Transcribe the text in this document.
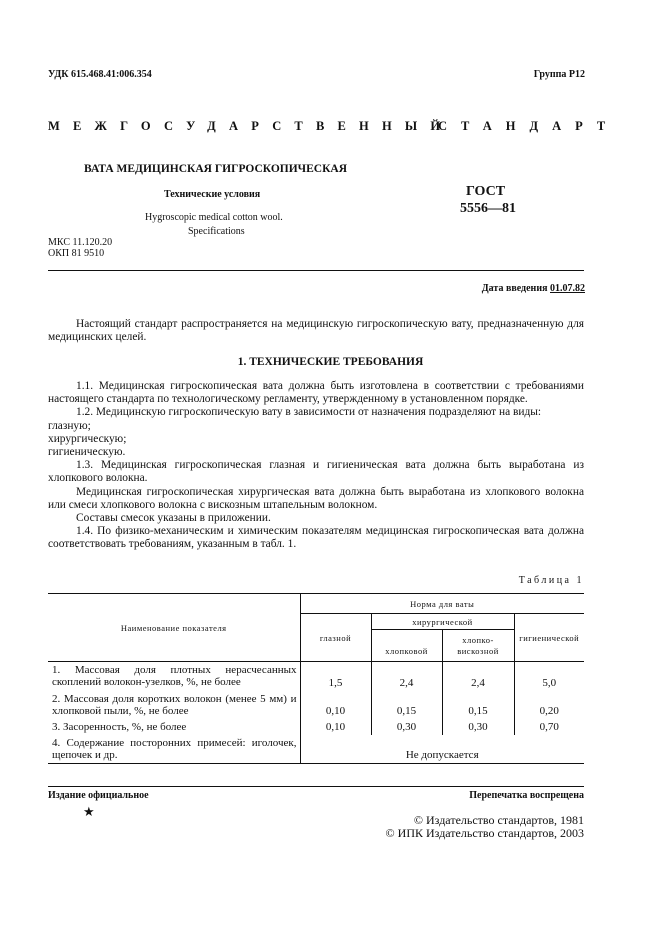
УДК 615.468.41:006.354	Группа Р12
МЕЖГОСУДАРСТВЕННЫЙ
СТАНДАРТ
ВАТА МЕДИЦИНСКАЯ ГИГРОСКОПИЧЕСКАЯ
Технические условия
Hygroscopic medical cotton wool.
Specifications
ГОСТ
5556—81
МКС 11.120.20
ОКП 81 9510
Дата введения 01.07.82

Настоящий стандарт распространяется на медицинскую гигроскопическую вату, предназначенную для медицинских целей.

1. ТЕХНИЧЕСКИЕ ТРЕБОВАНИЯ

1.1. Медицинская гигроскопическая вата должна быть изготовлена в соответствии с требованиями настоящего стандарта по технологическому регламенту, утвержденному в установленном порядке.

1.2. Медицинскую гигроскопическую вату в зависимости от назначения подразделяют на виды:

глазную;

хирургическую;

гигиеническую.

1.3. Медицинская гигроскопическая глазная и гигиеническая вата должна быть выработана из хлопкового волокна.

Медицинская гигроскопическая хирургическая вата должна быть выработана из хлопкового волокна или смеси хлопкового волокна с вискозным штапельным волокном.

Составы смесок указаны в приложении.

1.4. По физико-механическим и химическим показателям медицинская гигроскопическая вата должна соответствовать требованиям, указанным в табл. 1.

Таблица 1
Наименование показателя	Норма для ваты			
	глазной	хирургической		гигиенической
		хлопковой	хлопко-
вискозной	

1. Массовая доля плотных нерасчесанных скоплений волокон-узелков, %, не более	1,5	2,4	2,4	5,0
2. Массовая доля коротких волокон (менее 5 мм) и хлопковой пыли, %, не более	0,10	0,15	0,15	0,20
3. Засоренность, %, не более	0,10	0,30	0,30	0,70
4. Содержание посторонних примесей: иголочек, щепочек и др.	Не допускается			
Издание официальное	Перепечатка воспрещена
★
© Издательство стандартов, 1981
© ИПК Издательство стандартов, 2003
